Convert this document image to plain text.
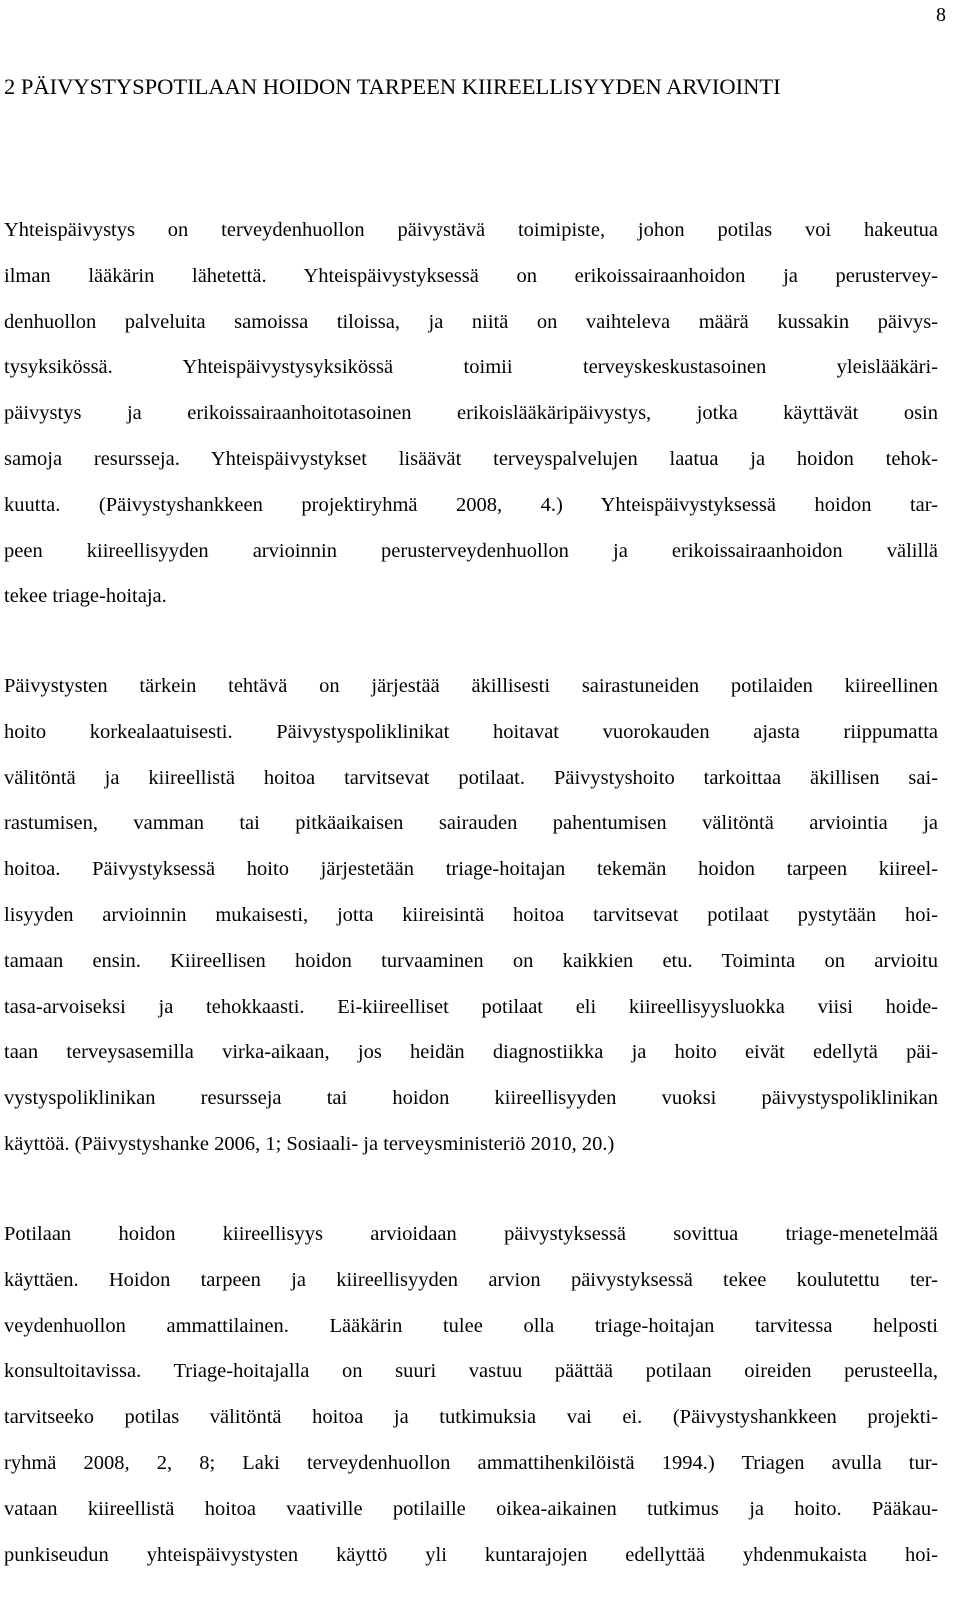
8
2 PÄIVYSTYSPOTILAAN HOIDON TARPEEN KIIREELLISYYDEN ARVIOINTI
Yhteispäivystys on terveydenhuollon päivystävä toimipiste, johon potilas voi hakeutua
ilman lääkärin lähetettä. Yhteispäivystyksessä on erikoissairaanhoidon ja perustervey-
denhuollon palveluita samoissa tiloissa, ja niitä on vaihteleva määrä kussakin päivys-
tysyksikössä. Yhteispäivystysyksikössä toimii terveyskeskustasoinen yleislääkäri-
päivystys ja erikoissairaanhoitotasoinen erikoislääkäripäivystys, jotka käyttävät osin
samoja resursseja. Yhteispäivystykset lisäävät terveyspalvelujen laatua ja hoidon tehok-
kuutta. (Päivystyshankkeen projektiryhmä 2008, 4.) Yhteispäivystyksessä hoidon tar-
peen kiireellisyyden arvioinnin perusterveydenhuollon ja erikoissairaanhoidon välillä
tekee triage-hoitaja.
Päivystysten tärkein tehtävä on järjestää äkillisesti sairastuneiden potilaiden kiireellinen
hoito korkealaatuisesti. Päivystyspoliklinikat hoitavat vuorokauden ajasta riippumatta
välitöntä ja kiireellistä hoitoa tarvitsevat potilaat. Päivystyshoito tarkoittaa äkillisen sai-
rastumisen, vamman tai pitkäaikaisen sairauden pahentumisen välitöntä arviointia ja
hoitoa. Päivystyksessä hoito järjestetään triage-hoitajan tekemän hoidon tarpeen kiireel-
lisyyden arvioinnin mukaisesti, jotta kiireisintä hoitoa tarvitsevat potilaat pystytään hoi-
tamaan ensin. Kiireellisen hoidon turvaaminen on kaikkien etu. Toiminta on arvioitu
tasa-arvoiseksi ja tehokkaasti. Ei-kiireelliset potilaat eli kiireellisyysluokka viisi hoide-
taan terveysasemilla virka-aikaan, jos heidän diagnostiikka ja hoito eivät edellytä päi-
vystyspoliklinikan resursseja tai hoidon kiireellisyyden vuoksi päivystyspoliklinikan
käyttöä. (Päivystyshanke 2006, 1; Sosiaali- ja terveysministeriö 2010, 20.)
Potilaan hoidon kiireellisyys arvioidaan päivystyksessä sovittua triage-menetelmää
käyttäen. Hoidon tarpeen ja kiireellisyyden arvion päivystyksessä tekee koulutettu ter-
veydenhuollon ammattilainen. Lääkärin tulee olla triage-hoitajan tarvitessa helposti
konsultoitavissa. Triage-hoitajalla on suuri vastuu päättää potilaan oireiden perusteella,
tarvitseeko potilas välitöntä hoitoa ja tutkimuksia vai ei. (Päivystyshankkeen projekti-
ryhmä 2008, 2, 8; Laki terveydenhuollon ammattihenkilöistä 1994.) Triagen avulla tur-
vataan kiireellistä hoitoa vaativille potilaille oikea-aikainen tutkimus ja hoito. Pääkau-
punkiseudun yhteispäivystysten käyttö yli kuntarajojen edellyttää yhdenmukaista hoi-
